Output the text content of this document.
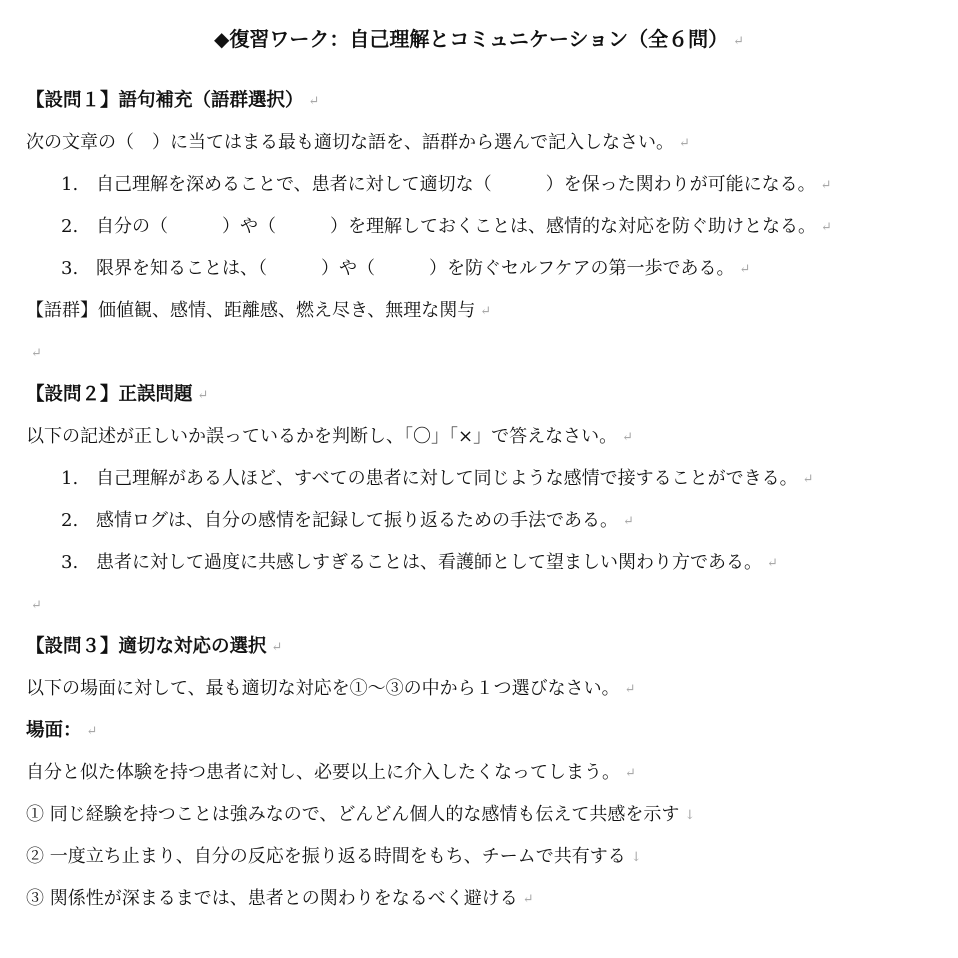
◆復習ワーク：自己理解とコミュニケーション（全６問） ↵
【設問１】語句補充（語群選択） ↵
次の文章の（　）に当てはまる最も適切な語を、語群から選んで記入しなさい。 ↵
1. 自己理解を深めることで、患者に対して適切な（	）を保った関わりが可能になる。 ↵
2. 自分の（	）や（	）を理解しておくことは、感情的な対応を防ぐ助けとなる。 ↵
3. 限界を知ることは、（	）や（	）を防ぐセルフケアの第一歩である。 ↵
【語群】価値観、感情、距離感、燃え尽き、無理な関与 ↵
↵
【設問２】正誤問題 ↵
以下の記述が正しいか誤っているかを判断し、「〇」「×」で答えなさい。 ↵
1. 自己理解がある人ほど、すべての患者に対して同じような感情で接することができる。 ↵
2. 感情ログは、自分の感情を記録して振り返るための手法である。 ↵
3. 患者に対して過度に共感しすぎることは、看護師として望ましい関わり方である。 ↵
↵
【設問３】適切な対応の選択 ↵
以下の場面に対して、最も適切な対応を①〜③の中から１つ選びなさい。 ↵
場面： ↵
自分と似た体験を持つ患者に対し、必要以上に介入したくなってしまう。 ↵
① 同じ経験を持つことは強みなので、どんどん個人的な感情も伝えて共感を示す ↓
② 一度立ち止まり、自分の反応を振り返る時間をもち、チームで共有する ↓
③ 関係性が深まるまでは、患者との関わりをなるべく避ける ↵
